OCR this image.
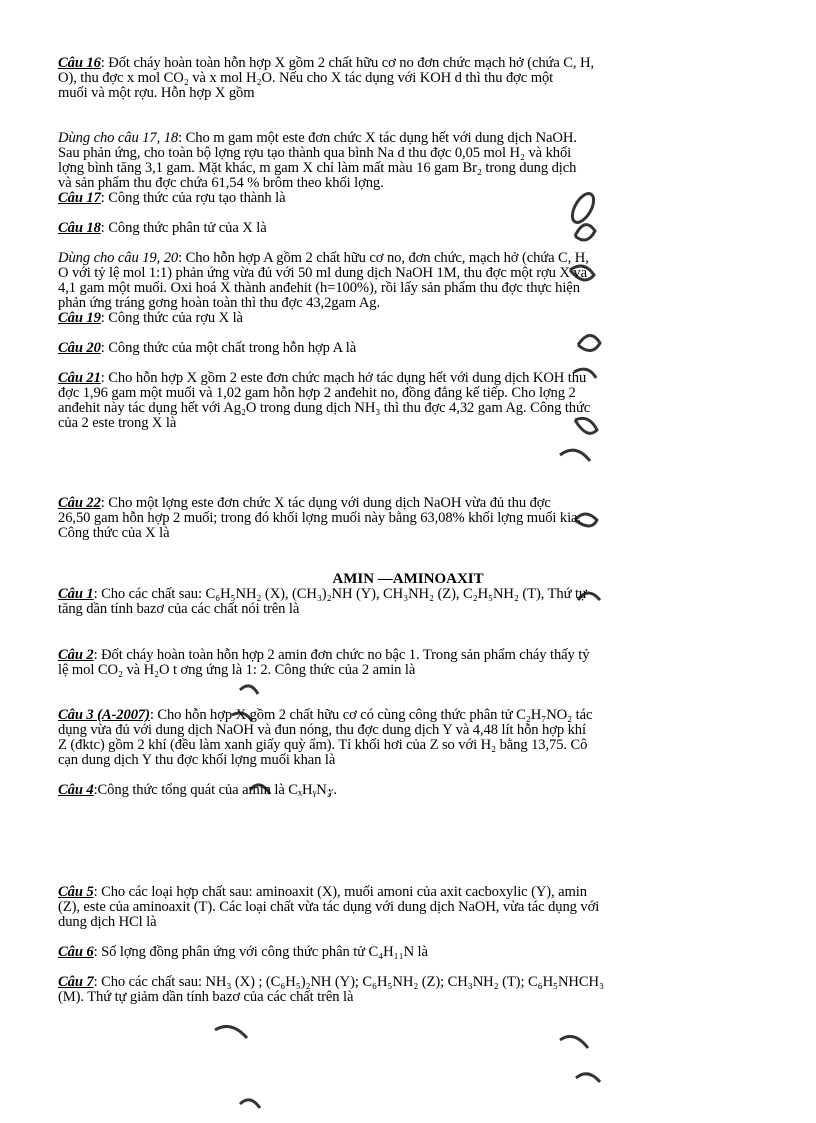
AMIN —AMINOAXIT
Câu 16: Đốt cháy hoàn toàn hỗn hợp X gồm 2 chất hữu cơ no đơn chức mạch hở (chứa C, H,
O), thu đợc x mol CO₂ và x mol H₂O. Nếu cho X tác dụng với KOH d thì thu đợc một
muối và một rợu. Hỗn hợp X gồm
Dùng cho câu 17, 18: Cho m gam một este đơn chức X tác dụng hết với dung dịch NaOH.
Sau phản ứng, cho toàn bộ lợng rợu tạo thành qua bình Na d thu đợc 0,05 mol H₂ và khối
lợng bình tăng 3,1 gam. Mặt khác, m gam X chỉ làm mất màu 16 gam Br₂ trong dung dịch
và sản phẩm thu đợc chứa 61,54 % brôm theo khối lợng.
Câu 17: Công thức của rợu tạo thành là
Câu 18: Công thức phân tử của X là
Dùng cho câu 19, 20: Cho hỗn hợp A gồm 2 chất hữu cơ no, đơn chức, mạch hở (chứa C, H,
O với tỷ lệ mol 1:1) phản ứng vừa đủ với 50 ml dung dịch NaOH 1M, thu đợc một rợu X và
4,1 gam một muối. Oxi hoá X thành anđehit (h=100%), rồi lấy sản phẩm thu đợc thực hiện
phản ứng tráng gơng hoàn toàn thì thu đợc 43,2gam Ag.
Câu 19: Công thức của rợu X là
Câu 20: Công thức của một chất trong hỗn hợp A là
Câu 21: Cho hỗn hợp X gồm 2 este đơn chức mạch hở tác dụng hết với dung dịch KOH thu
đợc 1,96 gam một muối và 1,02 gam hỗn hợp 2 anđehit no, đồng đẳng kế tiếp. Cho lợng 2
anđehit này tác dụng hết với Ag₂O trong dung dịch NH₃ thì thu đợc 4,32 gam Ag. Công thức
của 2 este trong X là
Câu 22: Cho một lợng este đơn chức X tác dụng với dung dịch NaOH vừa đủ thu đợc
26,50 gam hỗn hợp 2 muối; trong đó khối lợng muối này bằng 63,08% khối lợng muối kia.
Công thức của X là
Câu 1: Cho các chất sau: C₆H₅NH₂ (X), (CH₃)₂NH (Y), CH₃NH₂ (Z), C₂H₅NH₂ (T), Thứ tự
tăng dần tính bazơ của các chất nói trên là
Câu 2: Đốt cháy hoàn toàn hỗn hợp 2 amin đơn chức no bậc 1. Trong sản phẩm cháy thấy tỷ
lệ mol CO₂ và H₂O t ơng ứng là 1: 2. Công thức của 2 amin là
Câu 3 (A-2007): Cho hỗn hợp X gồm 2 chất hữu cơ có cùng công thức phân tử C₂H₇NO₂ tác
dụng vừa đủ với dung dịch NaOH và đun nóng, thu đợc dung dịch Y và 4,48 lít hỗn hợp khí
Z (đktc) gồm 2 khí (đều làm xanh giấy quỳ ẩm). Tỉ khối hơi của Z so với H₂ bằng 13,75. Cô
cạn dung dịch Y thu đợc khối lợng muối khan là
Câu 4:Công thức tổng quát của amin là CₓHᵧN𝓏.
Câu 5: Cho các loại hợp chất sau: aminoaxit (X), muối amoni của axit cacboxylic (Y), amin
(Z), este của aminoaxit (T). Các loại chất vừa tác dụng với dung dịch NaOH, vừa tác dụng với
dung dịch HCl là
Câu 6: Số lợng đồng phân ứng với công thức phân tử C₄H₁₁N là
Câu 7: Cho các chất sau: NH₃ (X) ; (C₆H₅)₂NH (Y); C₆H₅NH₂ (Z); CH₃NH₂ (T); C₆H₅NHCH₃
(M). Thứ tự giảm dần tính bazơ của các chất trên là
